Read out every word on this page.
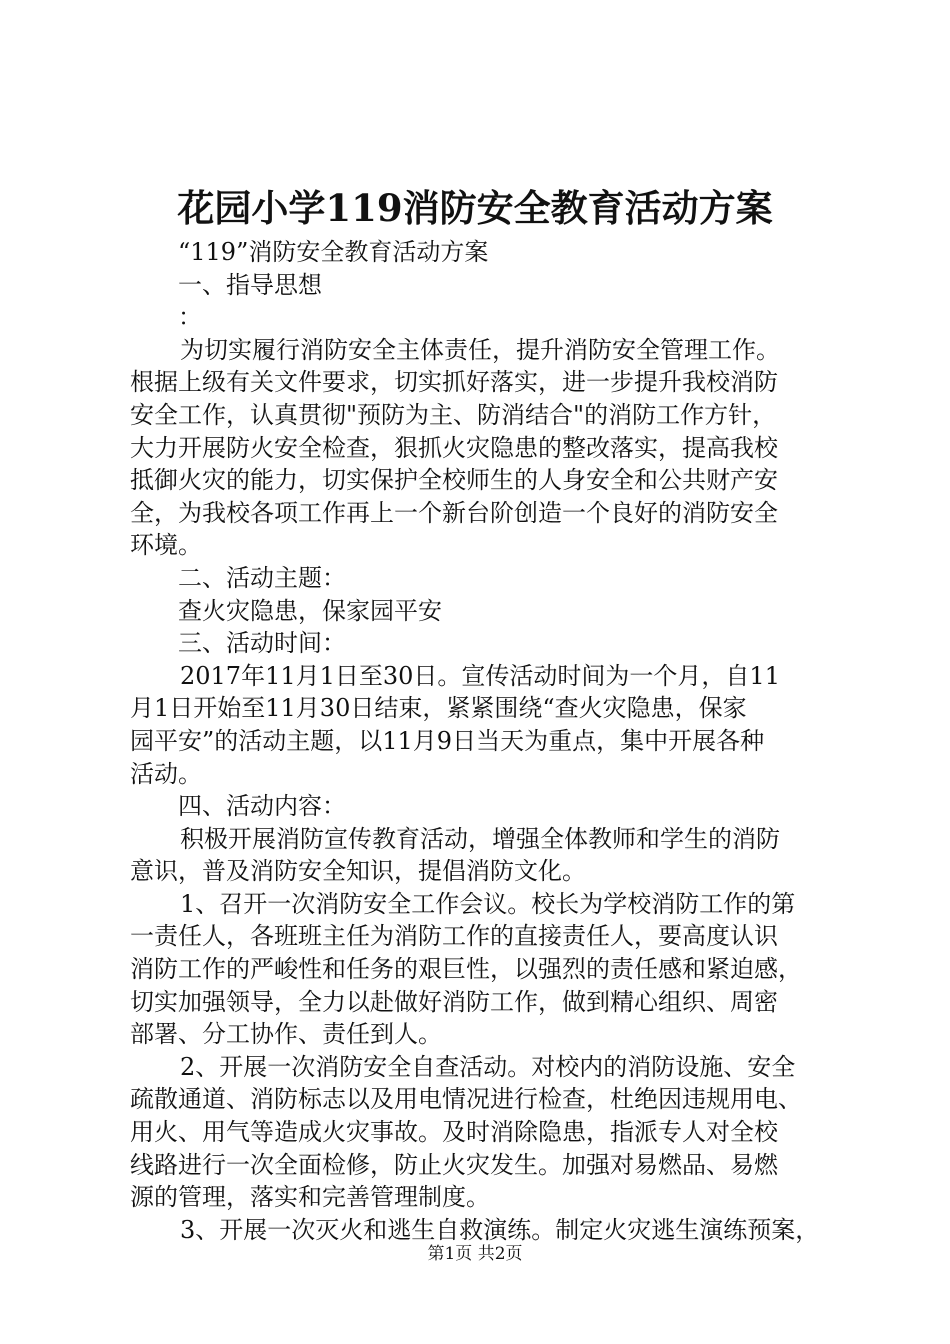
花园小学119消防安全教育活动方案
“119”消防安全教育活动方案
一、指导思想
：
为切实履行消防安全主体责任，提升消防安全管理工作。
根据上级有关文件要求，切实抓好落实，进一步提升我校消防
安全工作，认真贯彻"预防为主、防消结合"的消防工作方针，
大力开展防火安全检查，狠抓火灾隐患的整改落实，提高我校
抵御火灾的能力，切实保护全校师生的人身安全和公共财产安
全，为我校各项工作再上一个新台阶创造一个良好的消防安全
环境。
二、活动主题：
查火灾隐患，保家园平安
三、活动时间：
2017年11月1日至30日。宣传活动时间为一个月，自11
月1日开始至11月30日结束，紧紧围绕“查火灾隐患，保家
园平安”的活动主题，以11月9日当天为重点，集中开展各种
活动。
四、活动内容：
积极开展消防宣传教育活动，增强全体教师和学生的消防
意识，普及消防安全知识，提倡消防文化。
1、召开一次消防安全工作会议。校长为学校消防工作的第
一责任人，各班班主任为消防工作的直接责任人，要高度认识
消防工作的严峻性和任务的艰巨性，以强烈的责任感和紧迫感，
切实加强领导，全力以赴做好消防工作，做到精心组织、周密
部署、分工协作、责任到人。
2、开展一次消防安全自查活动。对校内的消防设施、安全
疏散通道、消防标志以及用电情况进行检查，杜绝因违规用电、
用火、用气等造成火灾事故。及时消除隐患，指派专人对全校
线路进行一次全面检修，防止火灾发生。加强对易燃品、易燃
源的管理，落实和完善管理制度。
3、开展一次灭火和逃生自救演练。制定火灾逃生演练预案，
第1页 共2页
